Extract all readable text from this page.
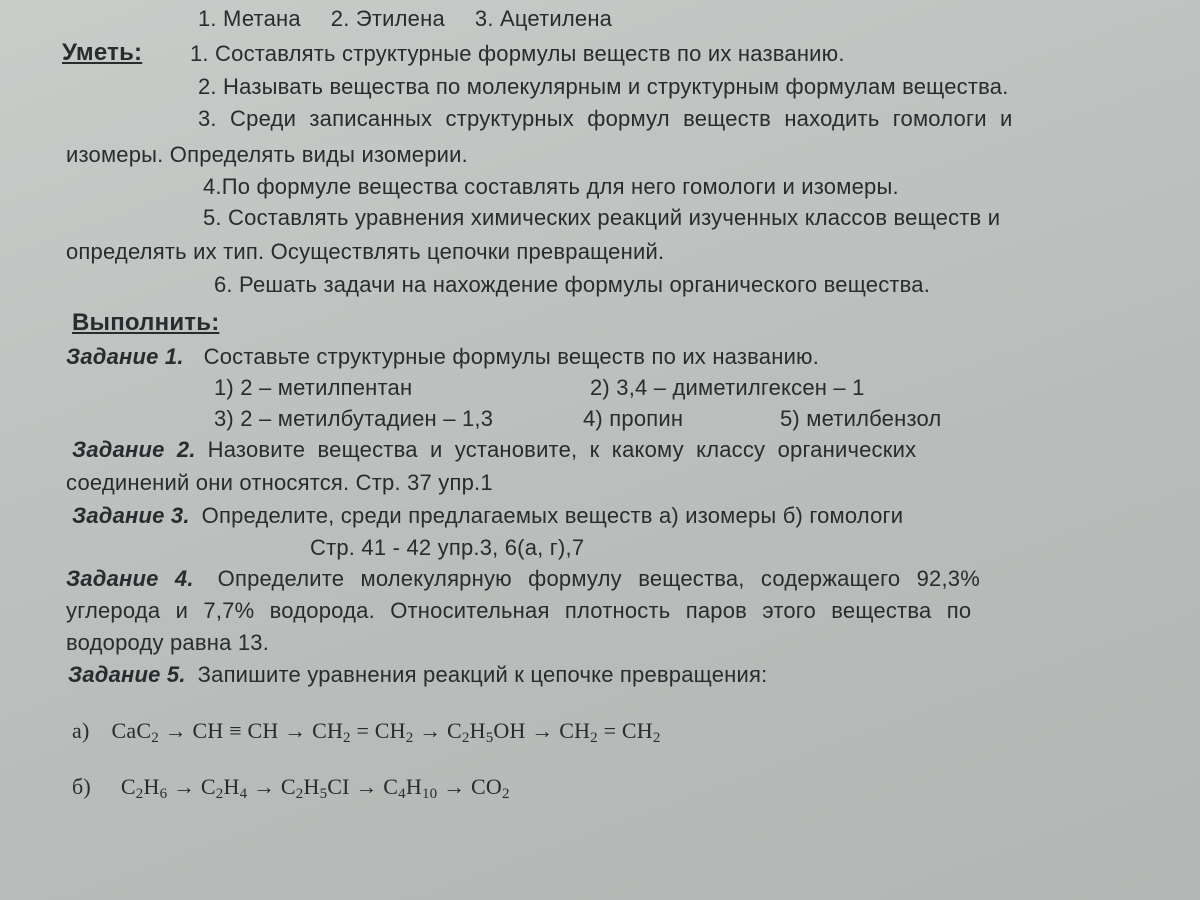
1. Метана 2. Этилена 3. Ацетилена
Уметь: 1. Составлять структурные формулы веществ по их названию.
2. Называть вещества по молекулярным и структурным формулам вещества.
3. Среди записанных структурных формул веществ находить гомологи и
изомеры. Определять виды изомерии.
4.По формуле вещества составлять для него гомологи и изомеры.
5. Составлять уравнения химических реакций изученных классов веществ и
определять их тип. Осуществлять цепочки превращений.
6. Решать задачи на нахождение формулы органического вещества.
Выполнить:
Задание 1. Составьте структурные формулы веществ по их названию.
1) 2 – метилпентан	2) 3,4 – диметилгексен – 1
3) 2 – метилбутадиен – 1,3	4) пропин	5) метилбензол
Задание 2. Назовите вещества и установите, к какому классу органических
соединений они относятся. Стр. 37 упр.1
Задание 3. Определите, среди предлагаемых веществ а) изомеры б) гомологи
Стр. 41 - 42 упр.3, 6(а, г),7
Задание 4. Определите молекулярную формулу вещества, содержащего 92,3%
углерода и 7,7% водорода. Относительная плотность паров этого вещества по
водороду равна 13.
Задание 5. Запишите уравнения реакций к цепочке превращения:
а) CaC$_2$ → CH ≡ CH → $CH_2 = CH_2 \to C_2H_5OH \to CH_2 = CH_2$
б) $C_2H_6 \to C_2H_4 \to C_2H_5CI \to C_4H_{10} \to CO_2$
